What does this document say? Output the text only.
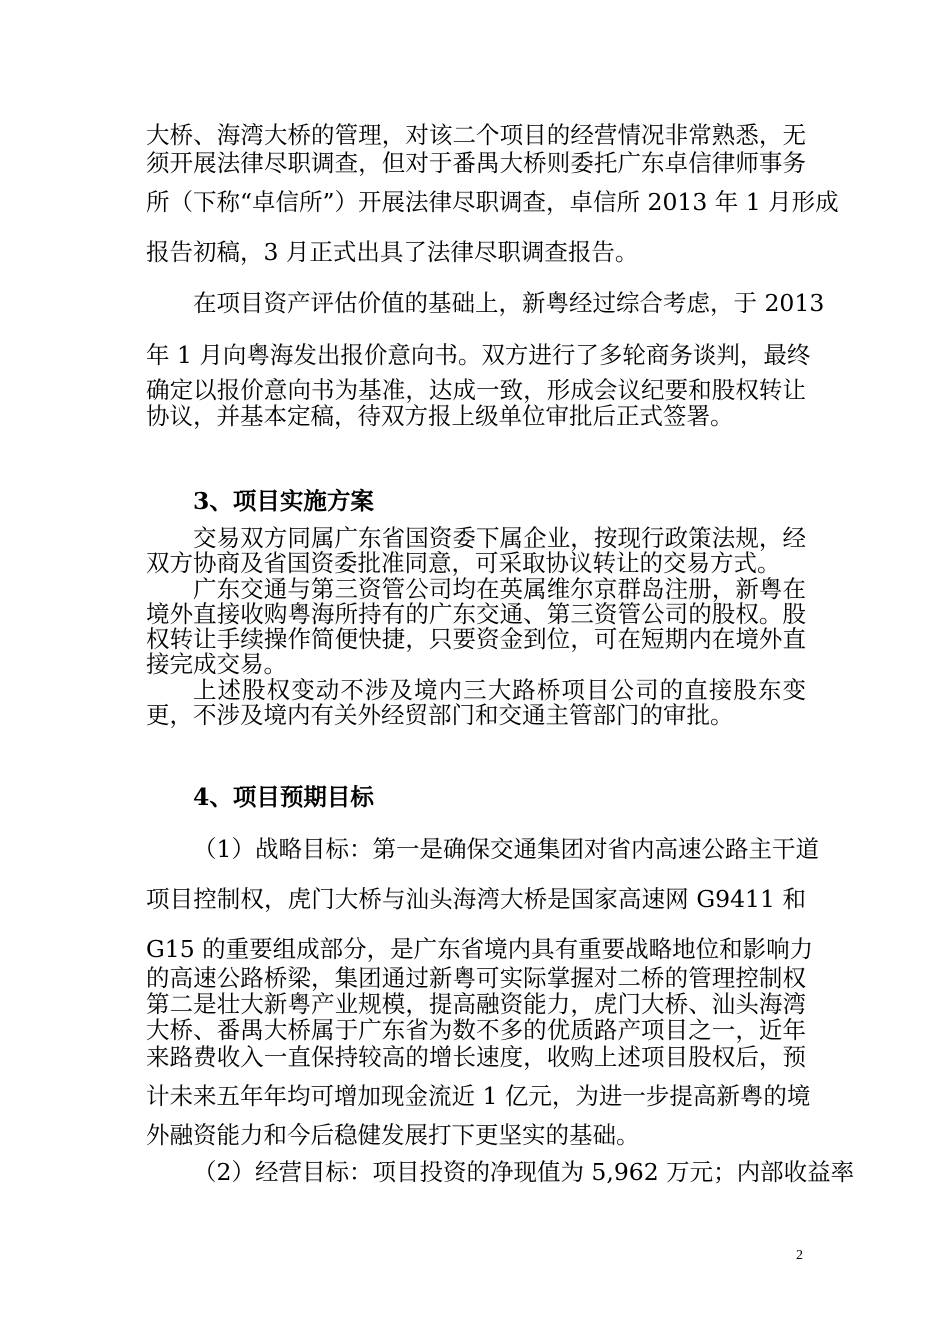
大桥、海湾大桥的管理，对该二个项目的经营情况非常熟悉，无
须开展法律尽职调查，但对于番禺大桥则委托广东卓信律师事务
所（下称“卓信所”）开展法律尽职调查，卓信所 2013 年 1 月形成
报告初稿，3 月正式出具了法律尽职调查报告。
在项目资产评估价值的基础上，新粤经过综合考虑，于 2013
年 1 月向粤海发出报价意向书。双方进行了多轮商务谈判，最终
确定以报价意向书为基准，达成一致，形成会议纪要和股权转让
协议，并基本定稿，待双方报上级单位审批后正式签署。
3、项目实施方案
交易双方同属广东省国资委下属企业，按现行政策法规，经
双方协商及省国资委批准同意，可采取协议转让的交易方式。
广东交通与第三资管公司均在英属维尔京群岛注册，新粤在
境外直接收购粤海所持有的广东交通、第三资管公司的股权。股
权转让手续操作简便快捷，只要资金到位，可在短期内在境外直
接完成交易。
上述股权变动不涉及境内三大路桥项目公司的直接股东变
更，不涉及境内有关外经贸部门和交通主管部门的审批。
4、项目预期目标
（1）战略目标：第一是确保交通集团对省内高速公路主干道
项目控制权，虎门大桥与汕头海湾大桥是国家高速网 G9411 和
G15 的重要组成部分，是广东省境内具有重要战略地位和影响力
的高速公路桥梁，集团通过新粤可实际掌握对二桥的管理控制权
第二是壮大新粤产业规模，提高融资能力，虎门大桥、汕头海湾
大桥、番禺大桥属于广东省为数不多的优质路产项目之一，近年
来路费收入一直保持较高的增长速度，收购上述项目股权后，预
计未来五年年均可增加现金流近 1 亿元，为进一步提高新粤的境
外融资能力和今后稳健发展打下更坚实的基础。
（2）经营目标：项目投资的净现值为 5,962 万元；内部收益率
2
